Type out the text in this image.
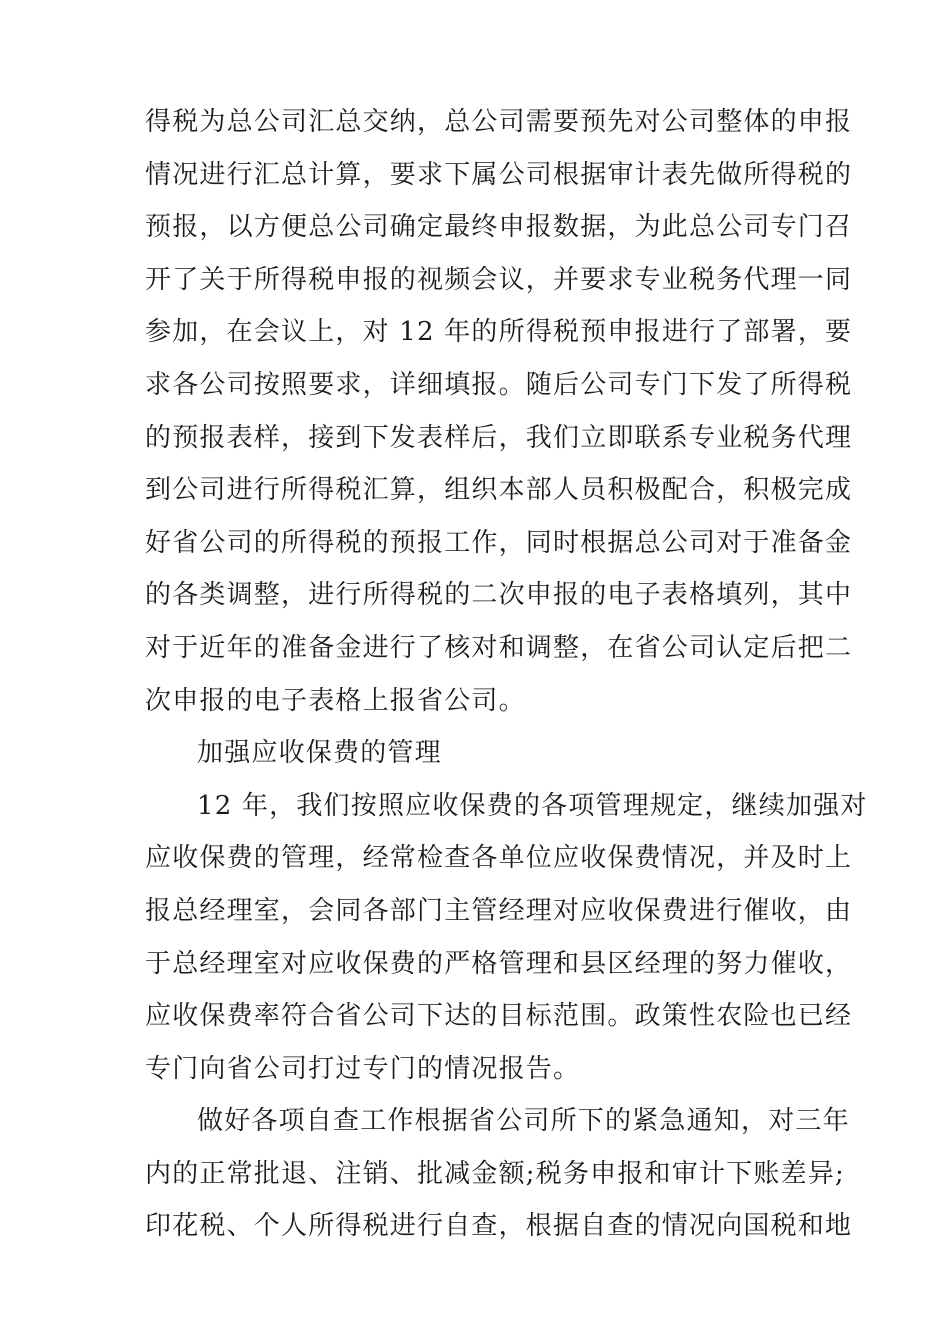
得税为总公司汇总交纳，总公司需要预先对公司整体的申报
情况进行汇总计算，要求下属公司根据审计表先做所得税的
预报，以方便总公司确定最终申报数据，为此总公司专门召
开了关于所得税申报的视频会议，并要求专业税务代理一同
参加，在会议上，对 12 年的所得税预申报进行了部署，要
求各公司按照要求，详细填报。随后公司专门下发了所得税
的预报表样，接到下发表样后，我们立即联系专业税务代理
到公司进行所得税汇算，组织本部人员积极配合，积极完成
好省公司的所得税的预报工作，同时根据总公司对于准备金
的各类调整，进行所得税的二次申报的电子表格填列，其中
对于近年的准备金进行了核对和调整，在省公司认定后把二
次申报的电子表格上报省公司。
加强应收保费的管理
12 年，我们按照应收保费的各项管理规定，继续加强对
应收保费的管理，经常检查各单位应收保费情况，并及时上
报总经理室，会同各部门主管经理对应收保费进行催收，由
于总经理室对应收保费的严格管理和县区经理的努力催收，
应收保费率符合省公司下达的目标范围。政策性农险也已经
专门向省公司打过专门的情况报告。
做好各项自查工作根据省公司所下的紧急通知，对三年
内的正常批退、注销、批减金额;税务申报和审计下账差异;
印花税、个人所得税进行自查，根据自查的情况向国税和地
